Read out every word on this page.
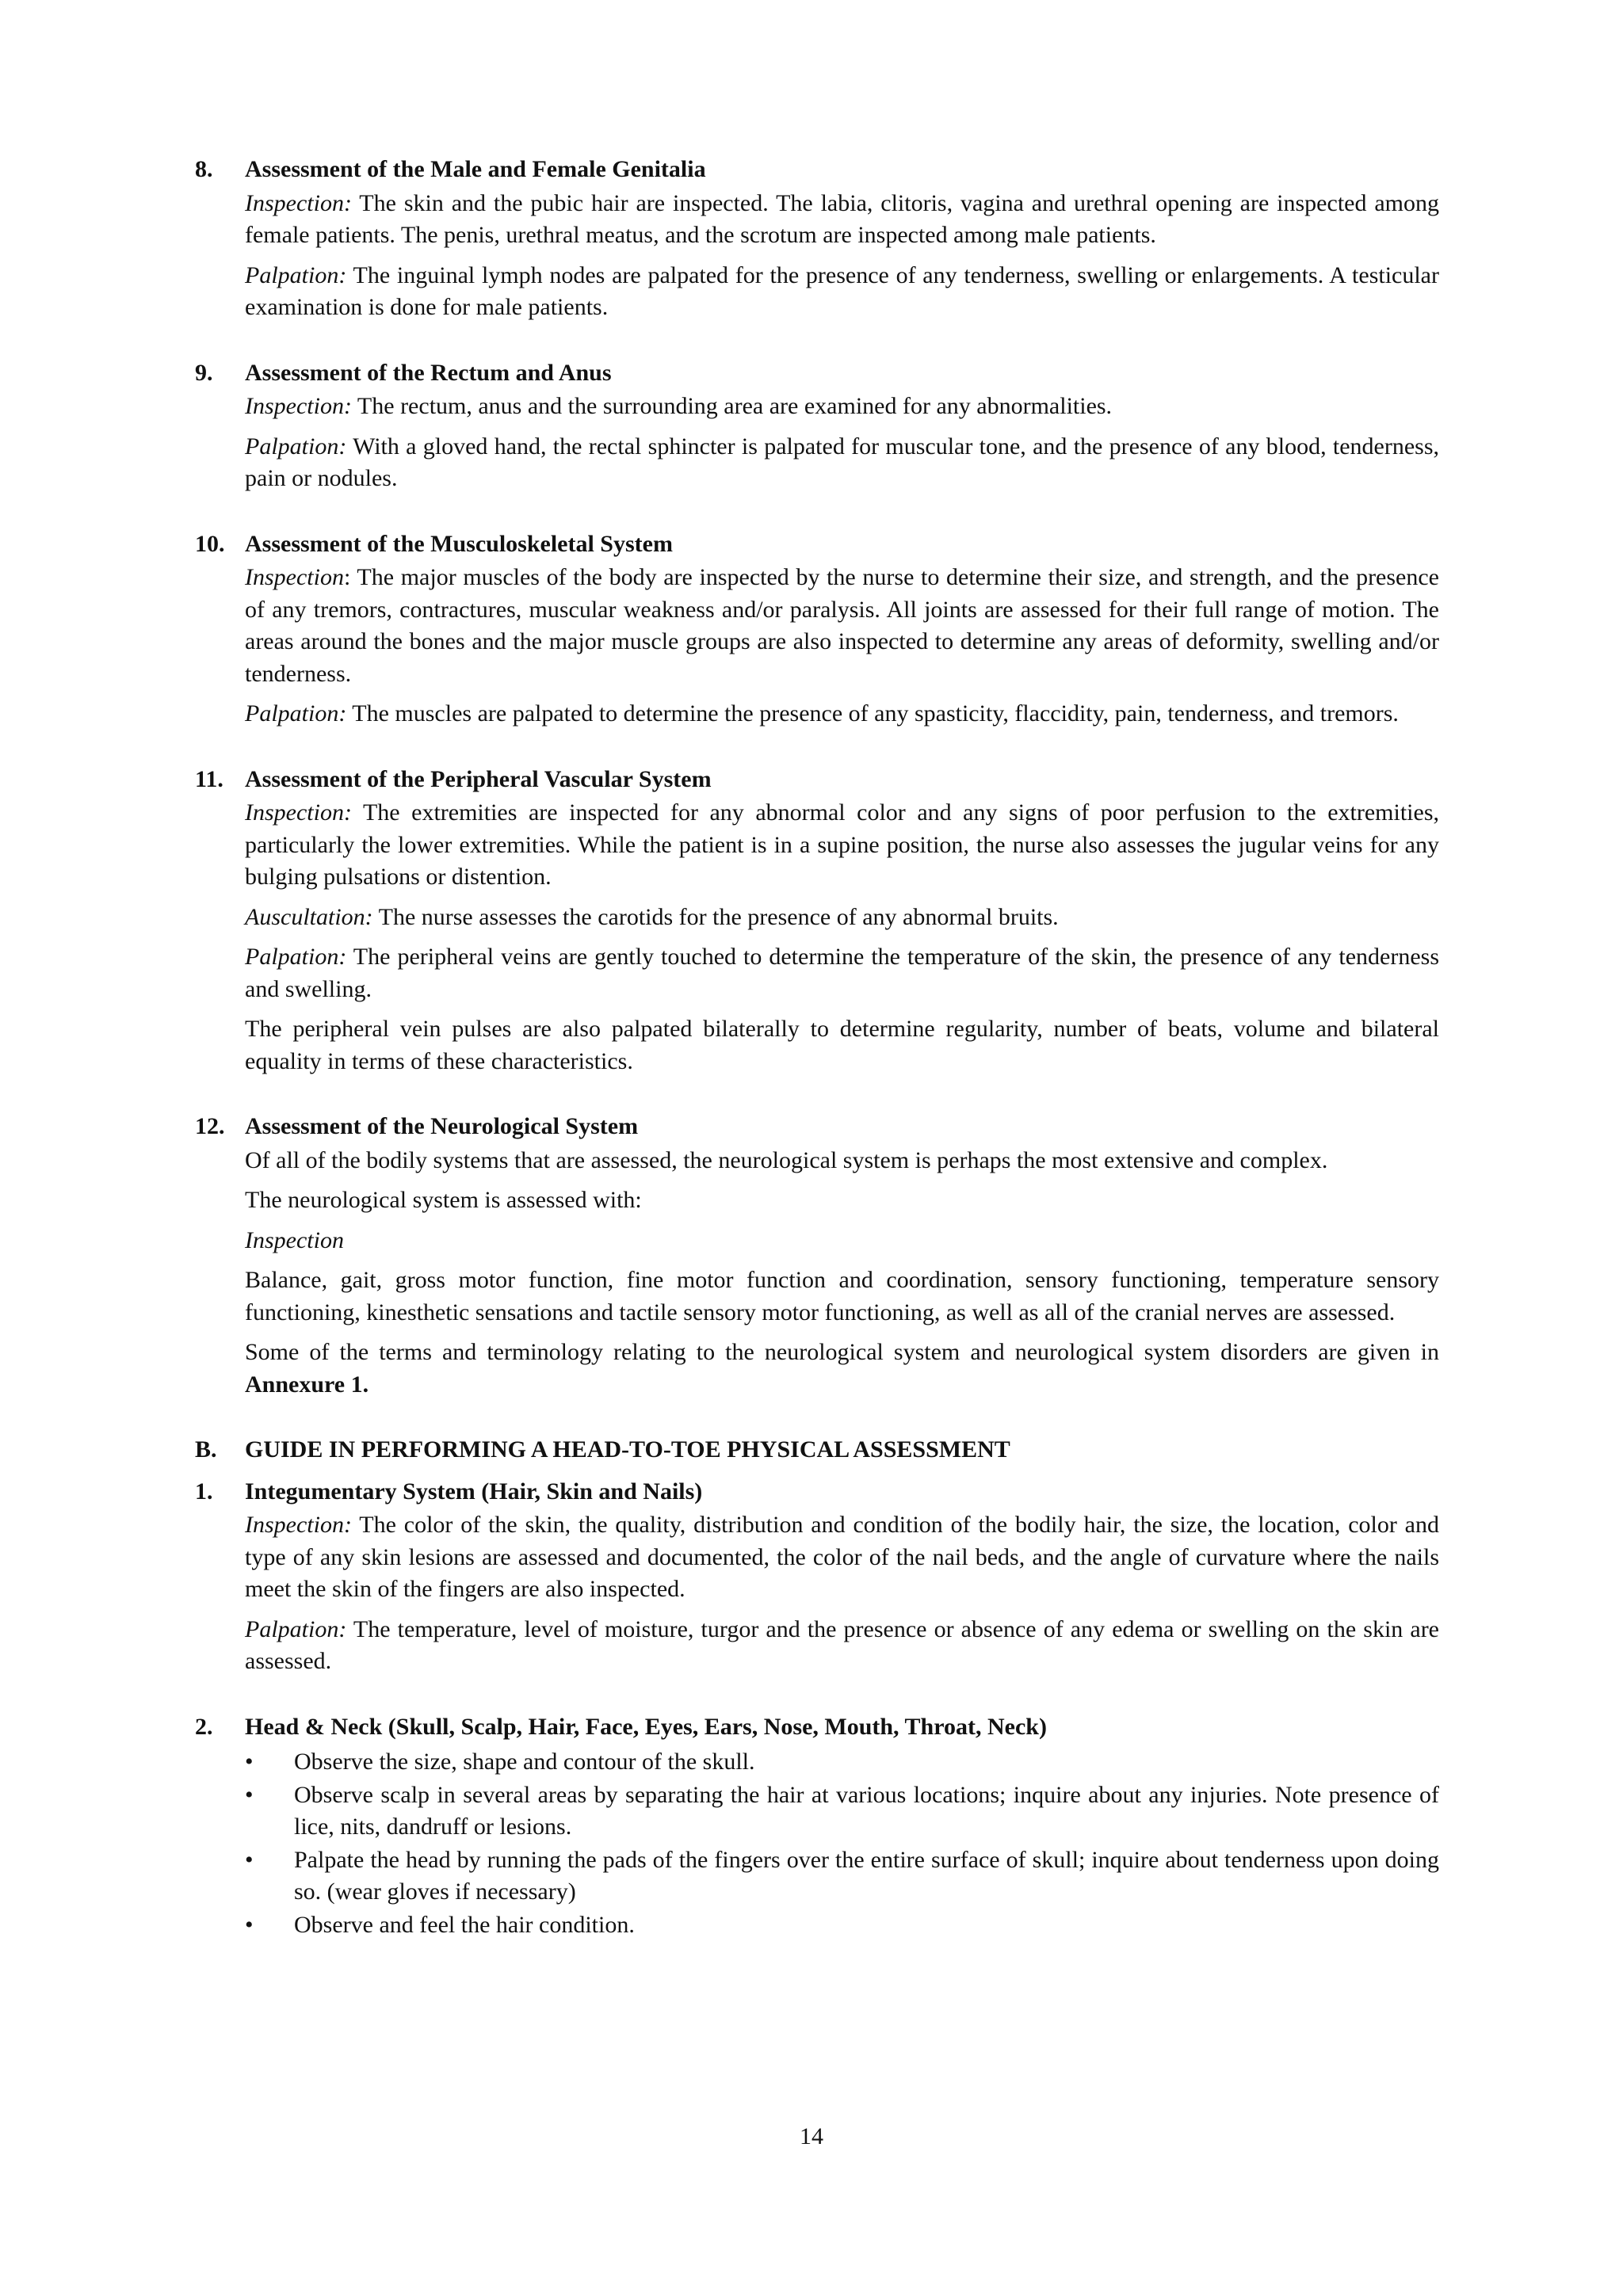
8.	Assessment of the Male and Female Genitalia

Inspection: The skin and the pubic hair are inspected. The labia, clitoris, vagina and urethral opening are inspected among female patients. The penis, urethral meatus, and the scrotum are inspected among male patients.

Palpation: The inguinal lymph nodes are palpated for the presence of any tenderness, swelling or enlargements. A testicular examination is done for male patients.

9.	Assessment of the Rectum and Anus

Inspection: The rectum, anus and the surrounding area are examined for any abnormalities.

Palpation: With a gloved hand, the rectal sphincter is palpated for muscular tone, and the presence of any blood, tenderness, pain or nodules.

10. Assessment of the Musculoskeletal System

Inspection: The major muscles of the body are inspected by the nurse to determine their size, and strength, and the presence of any tremors, contractures, muscular weakness and/or paralysis. All joints are assessed for their full range of motion. The areas around the bones and the major muscle groups are also inspected to determine any areas of deformity, swelling and/or tenderness.

Palpation: The muscles are palpated to determine the presence of any spasticity, flaccidity, pain, tenderness, and tremors.

11. Assessment of the Peripheral Vascular System

Inspection: The extremities are inspected for any abnormal color and any signs of poor perfusion to the extremities, particularly the lower extremities. While the patient is in a supine position, the nurse also assesses the jugular veins for any bulging pulsations or distention.

Auscultation: The nurse assesses the carotids for the presence of any abnormal bruits.

Palpation: The peripheral veins are gently touched to determine the temperature of the skin, the presence of any tenderness and swelling.

The peripheral vein pulses are also palpated bilaterally to determine regularity, number of beats, volume and bilateral equality in terms of these characteristics.

12. Assessment of the Neurological System

Of all of the bodily systems that are assessed, the neurological system is perhaps the most extensive and complex.

The neurological system is assessed with:

Inspection

Balance, gait, gross motor function, fine motor function and coordination, sensory functioning, temperature sensory functioning, kinesthetic sensations and tactile sensory motor functioning, as well as all of the cranial nerves are assessed.

Some of the terms and terminology relating to the neurological system and neurological system disorders are given in Annexure 1.

B.	GUIDE IN PERFORMING A HEAD-TO-TOE PHYSICAL ASSESSMENT
1.	Integumentary System (Hair, Skin and Nails)

Inspection: The color of the skin, the quality, distribution and condition of the bodily hair, the size, the location, color and type of any skin lesions are assessed and documented, the color of the nail beds, and the angle of curvature where the nails meet the skin of the fingers are also inspected.

Palpation: The temperature, level of moisture, turgor and the presence or absence of any edema or swelling on the skin are assessed.

2.	Head & Neck (Skull, Scalp, Hair, Face, Eyes, Ears, Nose, Mouth, Throat, Neck)
•	Observe the size, shape and contour of the skull.
•	Observe scalp in several areas by separating the hair at various locations; inquire about any injuries. Note presence of lice, nits, dandruff or lesions.
•	Palpate the head by running the pads of the fingers over the entire surface of skull; inquire about tenderness upon doing so. (wear gloves if necessary)
•	Observe and feel the hair condition.
14
